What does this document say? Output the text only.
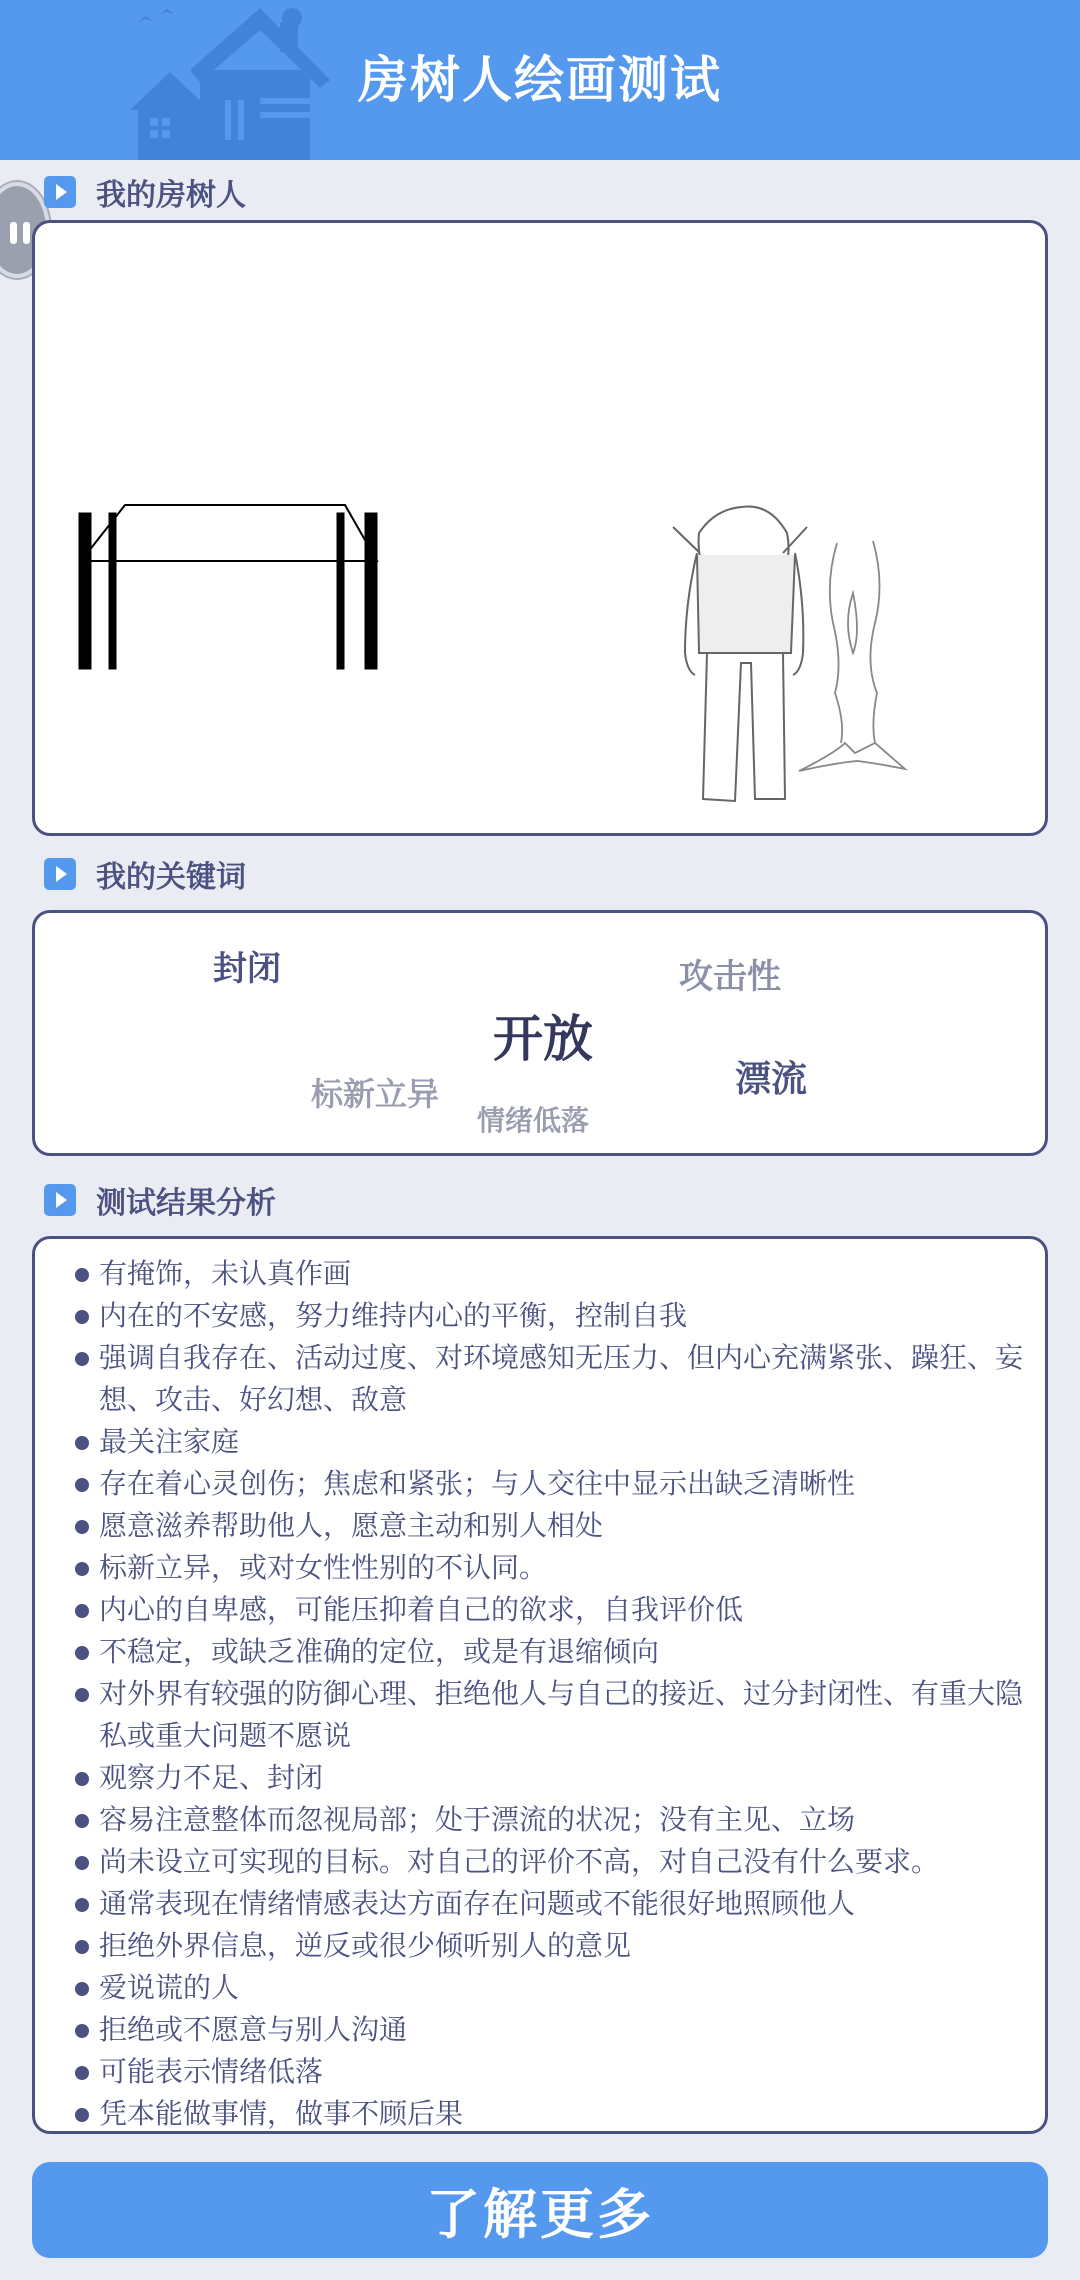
房树人绘画测试
我的房树人
我的关键词
封闭	攻击性
开放
标新立异	漂流
情绪低落
测试结果分析
有掩饰，未认真作画
内在的不安感，努力维持内心的平衡，控制自我
强调自我存在、活动过度、对环境感知无压力、但内心充满紧张、躁狂、妄想、攻击、好幻想、敌意
最关注家庭
存在着心灵创伤；焦虑和紧张；与人交往中显示出缺乏清晰性
愿意滋养帮助他人，愿意主动和别人相处
标新立异，或对女性性别的不认同。
内心的自卑感，可能压抑着自己的欲求，自我评价低
不稳定，或缺乏准确的定位，或是有退缩倾向
对外界有较强的防御心理、拒绝他人与自己的接近、过分封闭性、有重大隐私或重大问题不愿说
观察力不足、封闭
容易注意整体而忽视局部；处于漂流的状况；没有主见、立场
尚未设立可实现的目标。对自己的评价不高，对自己没有什么要求。
通常表现在情绪情感表达方面存在问题或不能很好地照顾他人
拒绝外界信息，逆反或很少倾听别人的意见
爱说谎的人
拒绝或不愿意与别人沟通
可能表示情绪低落
凭本能做事情，做事不顾后果
了解更多
